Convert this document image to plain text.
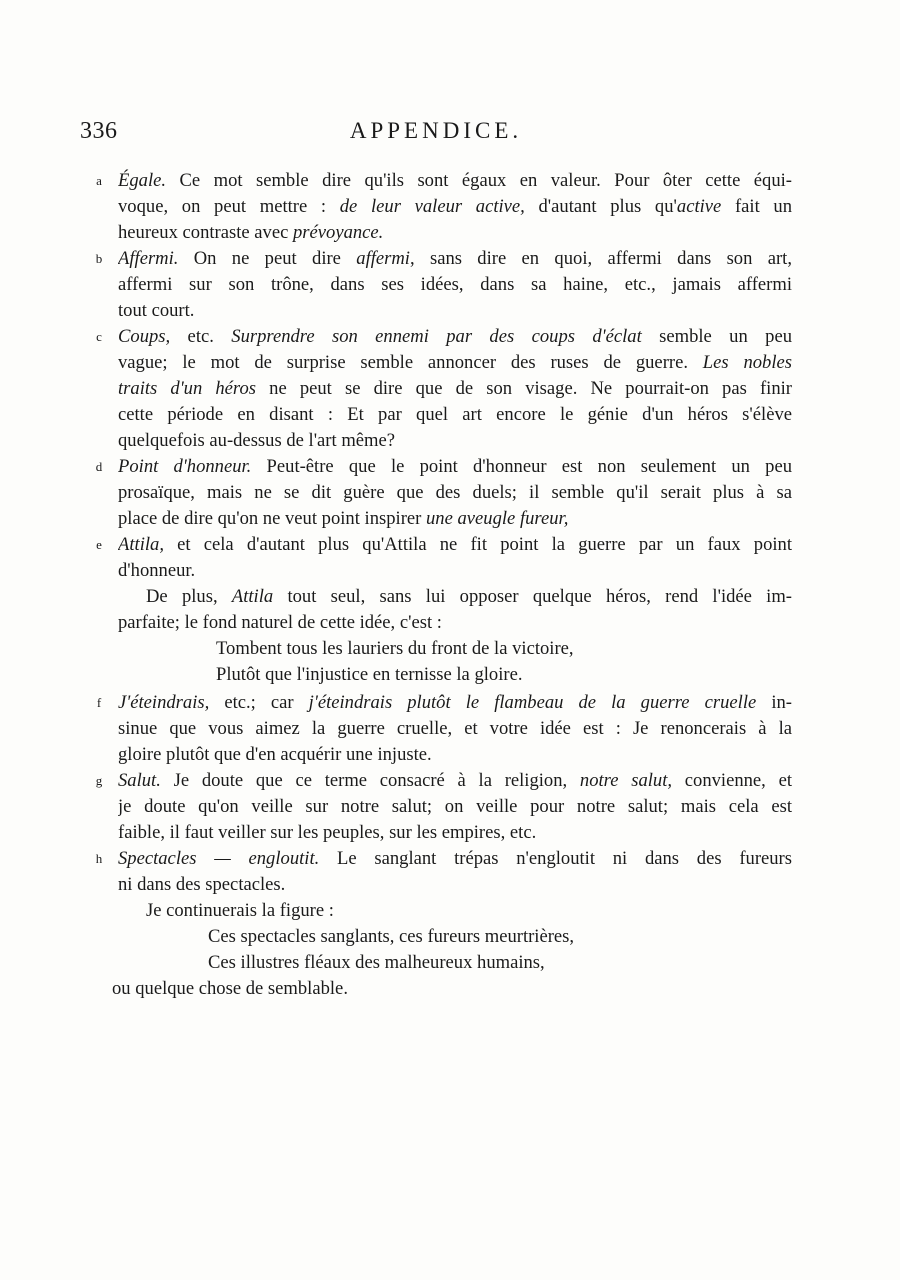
336	APPENDICE.
a Égale. Ce mot semble dire qu'ils sont égaux en valeur. Pour ôter cette équi-
voque, on peut mettre : de leur valeur active, d'autant plus qu'active fait un
heureux contraste avec prévoyance.
b Affermi. On ne peut dire affermi, sans dire en quoi, affermi dans son art,
affermi sur son trône, dans ses idées, dans sa haine, etc., jamais affermi
tout court.
c Coups, etc. Surprendre son ennemi par des coups d'éclat semble un peu
vague; le mot de surprise semble annoncer des ruses de guerre. Les nobles
traits d'un héros ne peut se dire que de son visage. Ne pourrait-on pas finir
cette période en disant : Et par quel art encore le génie d'un héros s'élève
quelquefois au-dessus de l'art même?
d Point d'honneur. Peut-être que le point d'honneur est non seulement un peu
prosaïque, mais ne se dit guère que des duels; il semble qu'il serait plus à sa
place de dire qu'on ne veut point inspirer une aveugle fureur,
e Attila, et cela d'autant plus qu'Attila ne fit point la guerre par un faux point
d'honneur.
De plus, Attila tout seul, sans lui opposer quelque héros, rend l'idée im-
parfaite; le fond naturel de cette idée, c'est :
Tombent tous les lauriers du front de la victoire,
Plutôt que l'injustice en ternisse la gloire.
f J'éteindrais, etc.; car j'éteindrais plutôt le flambeau de la guerre cruelle in-
sinue que vous aimez la guerre cruelle, et votre idée est : Je renoncerais à la
gloire plutôt que d'en acquérir une injuste.
g Salut. Je doute que ce terme consacré à la religion, notre salut, convienne, et
je doute qu'on veille sur notre salut; on veille pour notre salut; mais cela est
faible, il faut veiller sur les peuples, sur les empires, etc.
h Spectacles — engloutit. Le sanglant trépas n'engloutit ni dans des fureurs
ni dans des spectacles.
Je continuerais la figure :
Ces spectacles sanglants, ces fureurs meurtrières,
Ces illustres fléaux des malheureux humains,
ou quelque chose de semblable.
